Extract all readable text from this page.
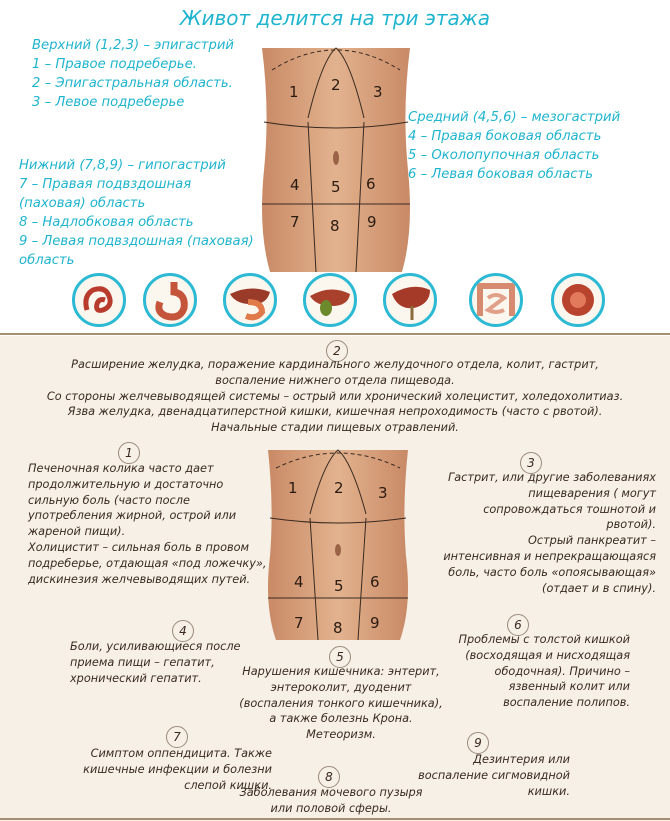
Живот делится на три этажа
1 2 3
4 5 6
7 8 9
Верхний (1,2,3) – эпигастрий
1 – Правое подреберье.
2 – Эпигастральная область.
3 – Левое подреберье
Средний (4,5,6) – мезогастрий
4 – Правая боковая область
5 – Околопупочная область
6 – Левая боковая область
Нижний (7,8,9) – гипогастрий
7 – Правая подвздошная
(паховая) область
8 – Надлобковая область
9 – Левая подвздошная (паховая)
область
2
Расширение желудка, поражение кардинального желудочного отдела, колит, гастрит,
воспаление нижнего отдела пищевода.
Со стороны желчевыводящей системы – острый или хронический холецистит, холедохолитиаз.
Язва желудка, двенадцатиперстной кишки, кишечная непроходимость (часто с рвотой).
Начальные стадии пищевых отравлений.
1 2 3
4 5 6
7 8 9
1
Печеночная колика часто дает
продолжительную и достаточно
сильную боль (часто после
употребления жирной, острой или
жареной пищи).
Холицистит – сильная боль в провом
подреберье, отдающая «под ложечку»,
дискинезия желчевыводящих путей.
3
Гастрит, или другие заболеваниях
пищеварения ( могут
сопровождаться тошнотой и
рвотой).
Острый панкреатит –
интенсивная и непрекращающаяся
боль, часто боль «опоясывающая»
(отдает и в спину).
4
Боли, усиливающиеся после
приема пищи – гепатит,
хронический гепатит.
5
Нарушения кишечника: энтерит,
энтероколит, дуоденит
(воспаления тонкого кишечника),
а также болезнь Крона.
Метеоризм.
6
Проблемы с толстой кишкой
(восходящая и нисходящая
ободочная). Причино –
язвенный колит или
воспаление полипов.
7
Симптом оппендицита. Также
кишечные инфекции и болезни
слепой кишки.
8
Заболевания мочевого пузыря
или половой сферы.
9
Дезинтерия или
воспаление сигмовидной
кишки.
